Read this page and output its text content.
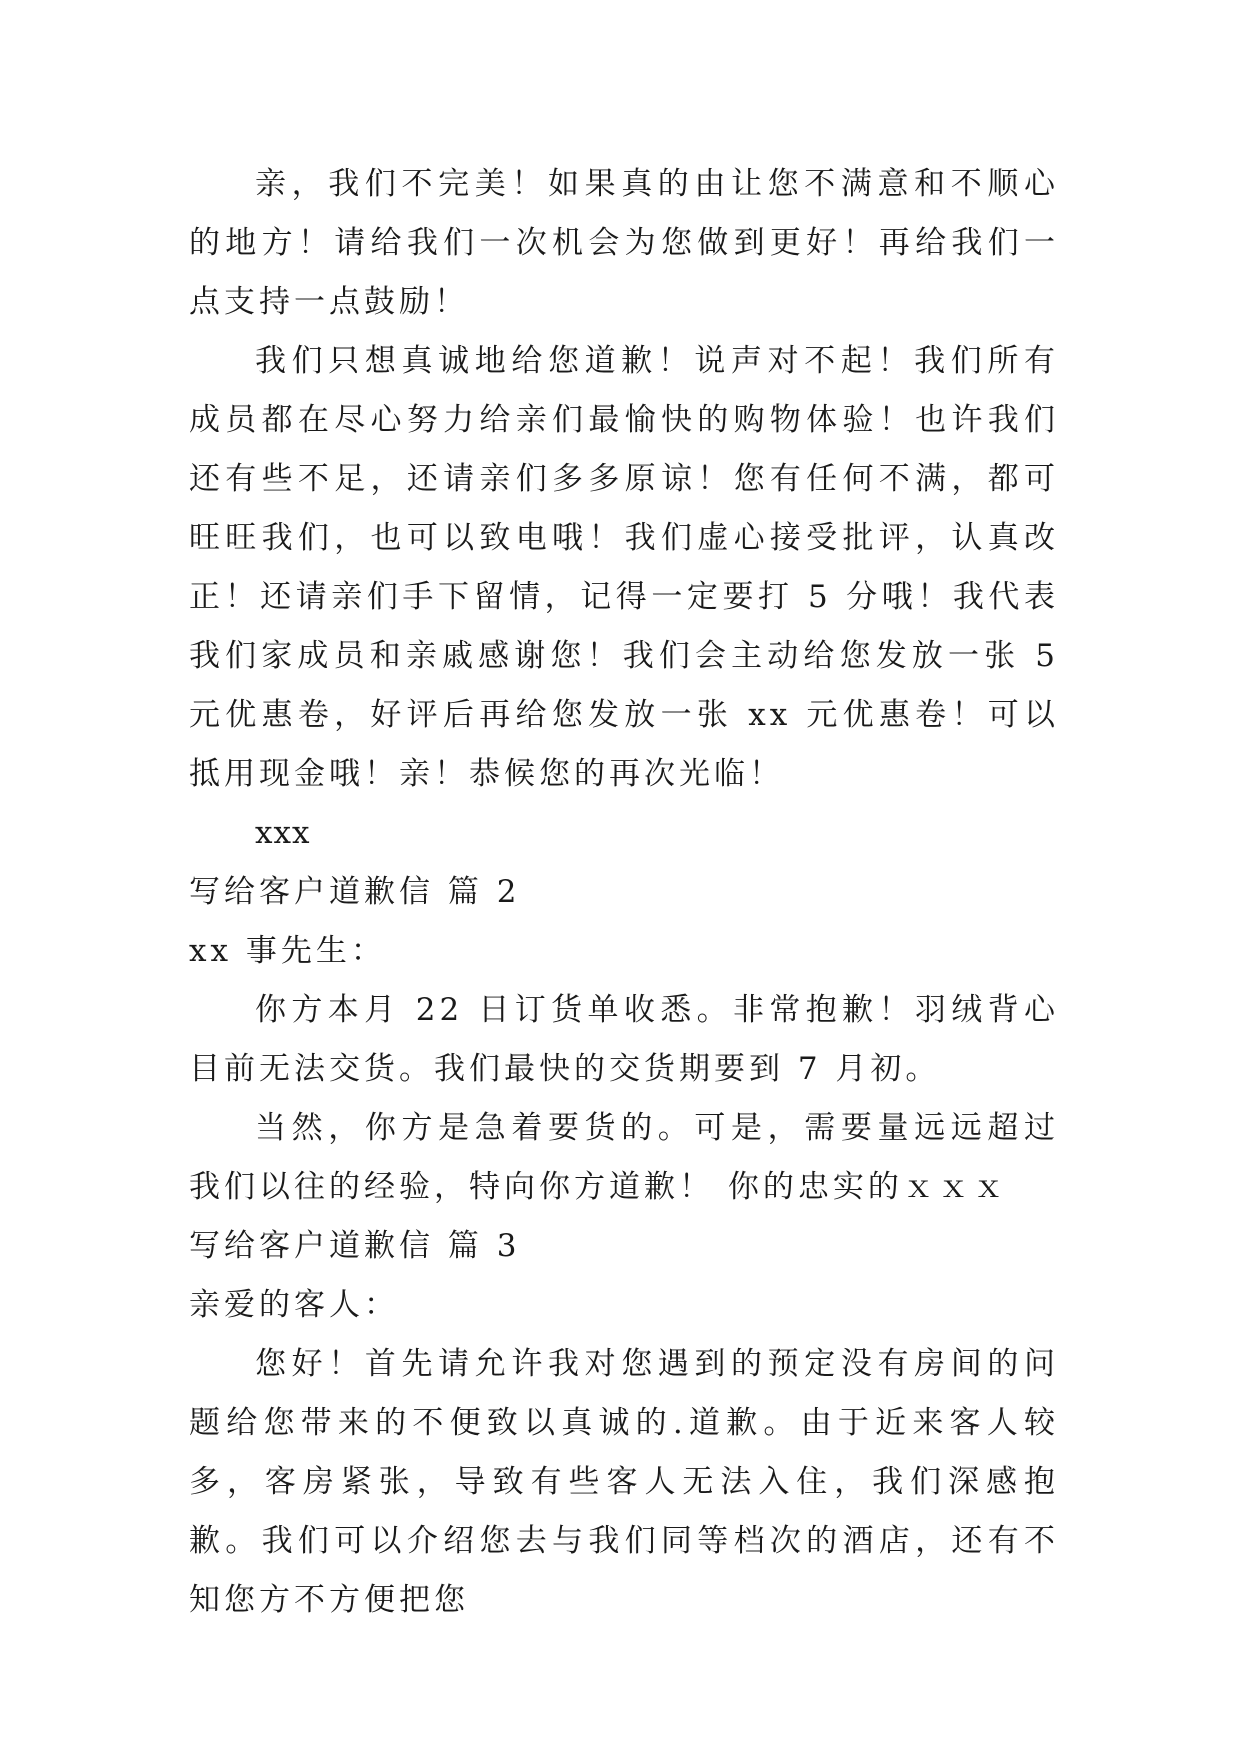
亲，我们不完美！如果真的由让您不满意和不顺心的地方！请给我们一次机会为您做到更好！再给我们一点支持一点鼓励！

我们只想真诚地给您道歉！说声对不起！我们所有成员都在尽心努力给亲们最愉快的购物体验！也许我们还有些不足，还请亲们多多原谅！您有任何不满，都可旺旺我们，也可以致电哦！我们虚心接受批评，认真改正！还请亲们手下留情，记得一定要打 5 分哦！我代表我们家成员和亲戚感谢您！我们会主动给您发放一张 5 元优惠卷，好评后再给您发放一张 xx 元优惠卷！可以抵用现金哦！亲！恭候您的再次光临！

xxx

写给客户道歉信 篇 2

xx 事先生：

你方本月 22 日订货单收悉。非常抱歉！羽绒背心目前无法交货。我们最快的交货期要到 7 月初。

当然，你方是急着要货的。可是，需要量远远超过我们以往的经验，特向你方道歉！ 你的忠实的ｘｘｘ

写给客户道歉信 篇 3

亲爱的客人：

您好！首先请允许我对您遇到的预定没有房间的问题给您带来的不便致以真诚的.道歉。由于近来客人较多，客房紧张，导致有些客人无法入住，我们深感抱歉。我们可以介绍您去与我们同等档次的酒店，还有不知您方不方便把您
